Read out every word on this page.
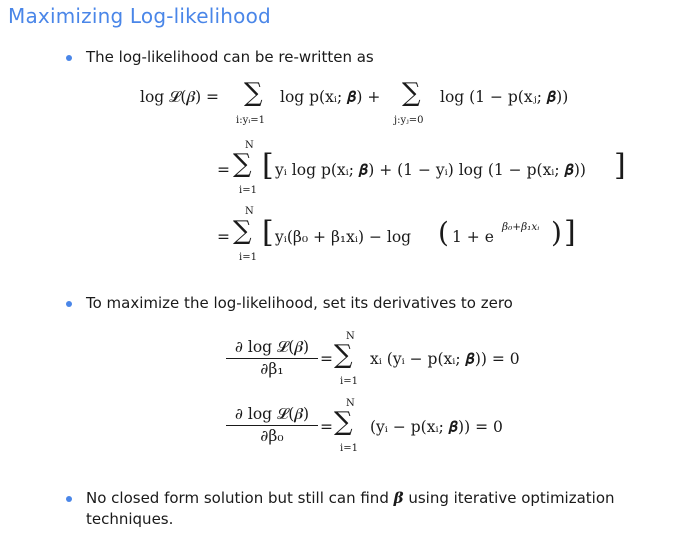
Maximizing Log-likelihood
The log-likelihood can be re-written as
log 𝓛(𝜷) = ∑
i:yᵢ=1
log p(xᵢ; 𝜷) + ∑
j:yⱼ=0
log (1 − p(xⱼ; 𝜷))
=
N
∑
i=1
[ yᵢ log p(xᵢ; 𝜷) + (1 − yᵢ) log (1 − p(xᵢ; 𝜷)) ]
=
N
∑
i=1
[ yᵢ(β₀ + β₁xᵢ) − log ( 1 + e
β₀+β₁xᵢ ) ]
To maximize the log-likelihood, set its derivatives to zero
∂ log 𝓛(𝜷)
∂β₁
=
N
∑
i=1
xᵢ (yᵢ − p(xᵢ; 𝜷)) = 0
∂ log 𝓛(𝜷)
∂β₀	=
N
∑
i=1
(yᵢ − p(xᵢ; 𝜷)) = 0
No closed form solution but still can find β using iterative optimization techniques.
